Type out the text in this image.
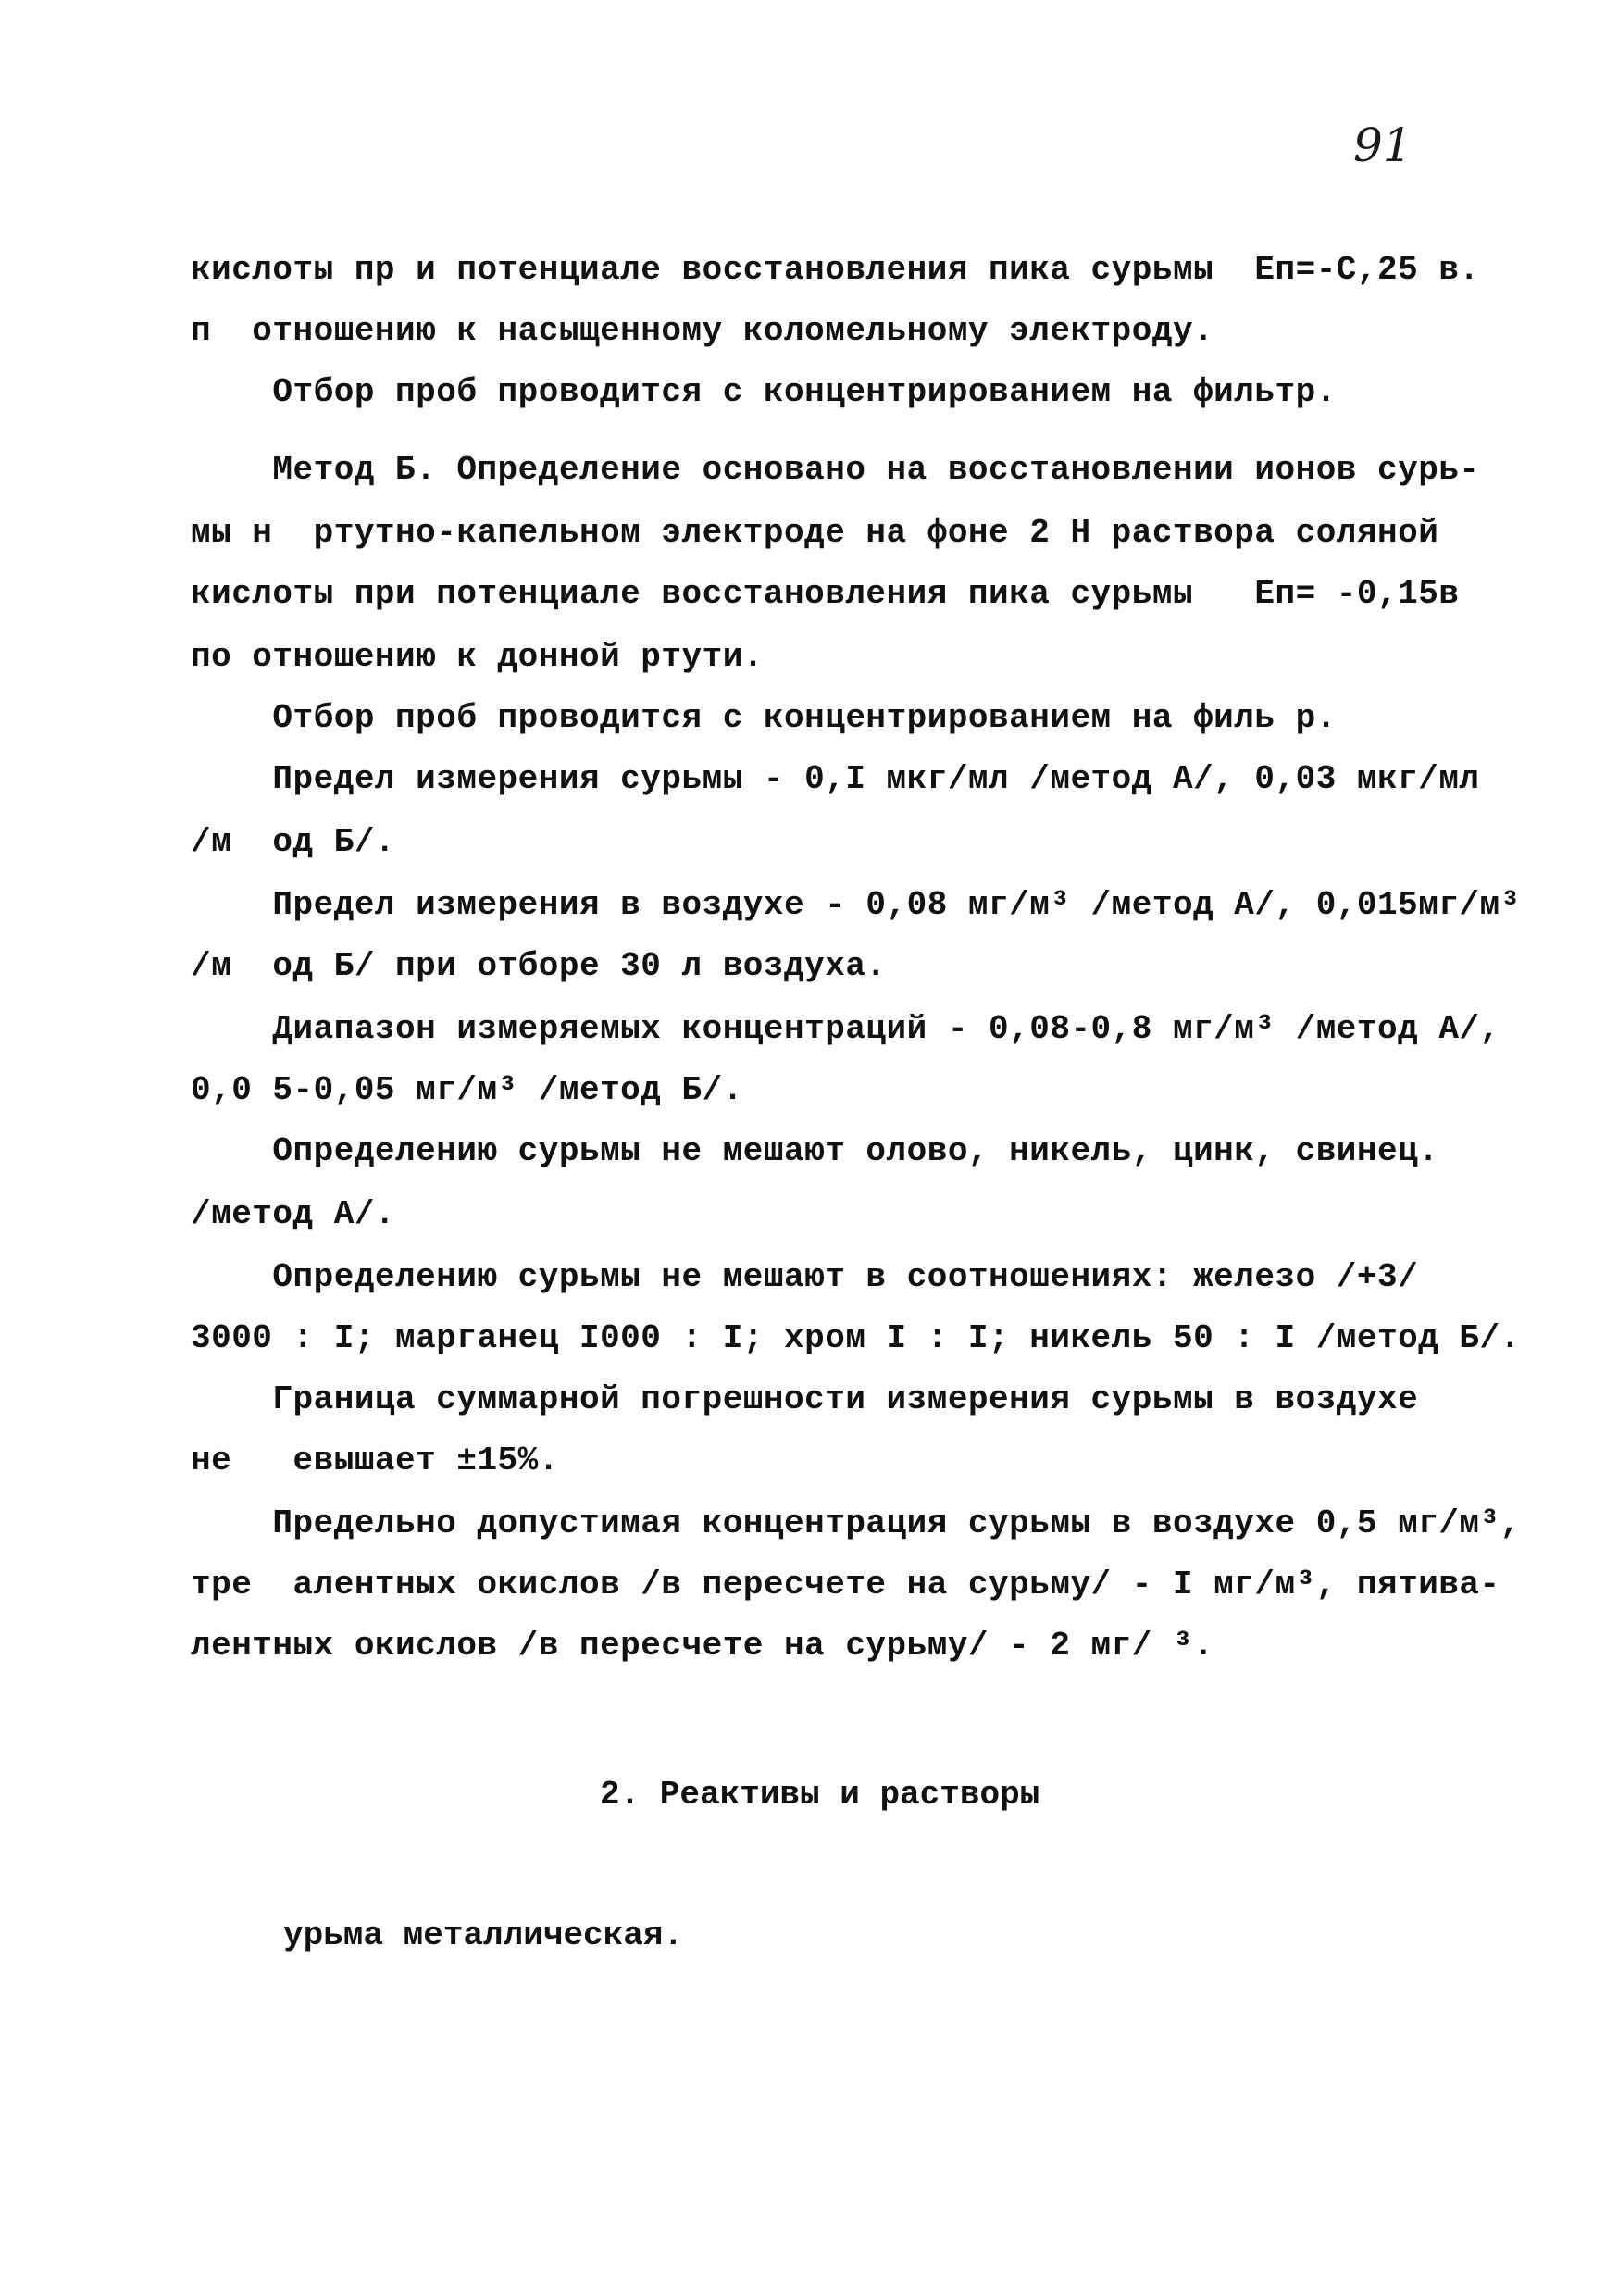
91
кислоты пр и потенциале восстановления пика сурьмы  Eп=-С,25 в.
п  отношению к насыщенному коломельному электроду.
Отбор проб проводится с концентрированием на фильтр.
Метод Б. Определение основано на восстановлении ионов сурь-
мы н  ртутно-капельном электроде на фоне 2 Н раствора соляной
кислоты при потенциале восстановления пика сурьмы   Eп= -0,15в
по отношению к донной ртути.
Отбор проб проводится с концентрированием на филь р.
Предел измерения сурьмы - 0,I мкг/мл /метод А/, 0,03 мкг/мл
/м  од Б/.
Предел измерения в воздухе - 0,08 мг/м³ /метод А/, 0,015мг/м³
/м  од Б/ при отборе 30 л воздуха.
Диапазон измеряемых концентраций - 0,08-0,8 мг/м³ /метод А/,
0,0 5-0,05 мг/м³ /метод Б/.
Определению сурьмы не мешают олово, никель, цинк, свинец.
/метод А/.
Определению сурьмы не мешают в соотношениях: железо /+3/
3000 : I; марганец I000 : I; хром I : I; никель 50 : I /метод Б/.
Граница суммарной погрешности измерения сурьмы в воздухе
не   евышает ±15%.
Предельно допустимая концентрация сурьмы в воздухе 0,5 мг/м³,
тре  алентных окислов /в пересчете на сурьму/ - I мг/м³, пятива-
лентных окислов /в пересчете на сурьму/ - 2 мг/ ³.
2. Реактивы и растворы
урьма металлическая.
